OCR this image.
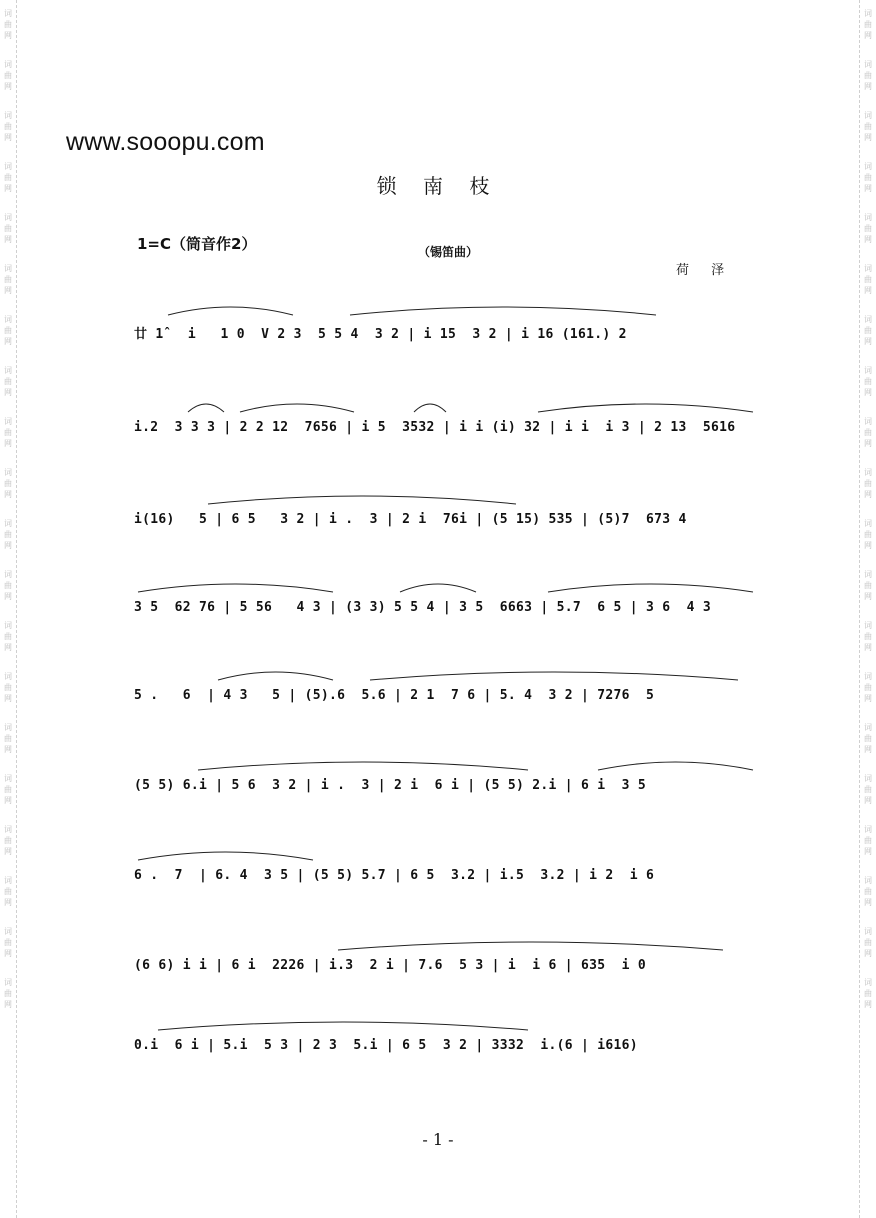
词
曲
网
词
曲
网
词
曲
网
词
曲
网
词
曲
网
词
曲
网
词
曲
网
词
曲
网
词
曲
网
词
曲
网
词
曲
网
词
曲
网
词
曲
网
词
曲
网
词
曲
网
词
曲
网
词
曲
网
词
曲
网
词
曲
网
词
曲
网
词
曲
网
词
曲
网
词
曲
网
词
曲
网
词
曲
网
词
曲
网
词
曲
网
词
曲
网
词
曲
网
词
曲
网
词
曲
网
词
曲
网
词
曲
网
词
曲
网
词
曲
网
词
曲
网
词
曲
网
词
曲
网
词
曲
网
词
曲
网
www.sooopu.com
锁 南 枝
1=C（筒音作2）	（锡笛曲）
荷 泽
廿 1̂   i   1 0  V 2 3  5 5 4  3 2 | i 15  3 2 | i 16 (161.) 2
i.2  3 3 3 | 2 2 12  7656 | i 5  3532 | i i (i) 32 | i i  i 3 | 2 13  5616
i(16)   5 | 6 5   3 2 | i .  3 | 2 i  76i | (5 15) 535 | (5)7  673 4
3 5  62 76 | 5 56   4 3 | (3 3) 5 5 4 | 3 5  6663 | 5.7  6 5 | 3 6  4 3
5 .   6  | 4 3   5 | (5).6  5.6 | 2 1  7 6 | 5. 4  3 2 | 7276  5
(5 5) 6.i | 5 6  3 2 | i .  3 | 2 i  6 i | (5 5) 2.i | 6 i  3 5
6 .  7  | 6. 4  3 5 | (5 5) 5.7 | 6 5  3.2 | i.5  3.2 | i 2  i 6
(6 6) i i | 6 i  2226 | i.3  2 i | 7.6  5 3 | i  i 6 | 635  i 0
0.i  6 i | 5.i  5 3 | 2 3  5.i | 6 5  3 2 | 3332  i.(6 | i616)
- 1 -
